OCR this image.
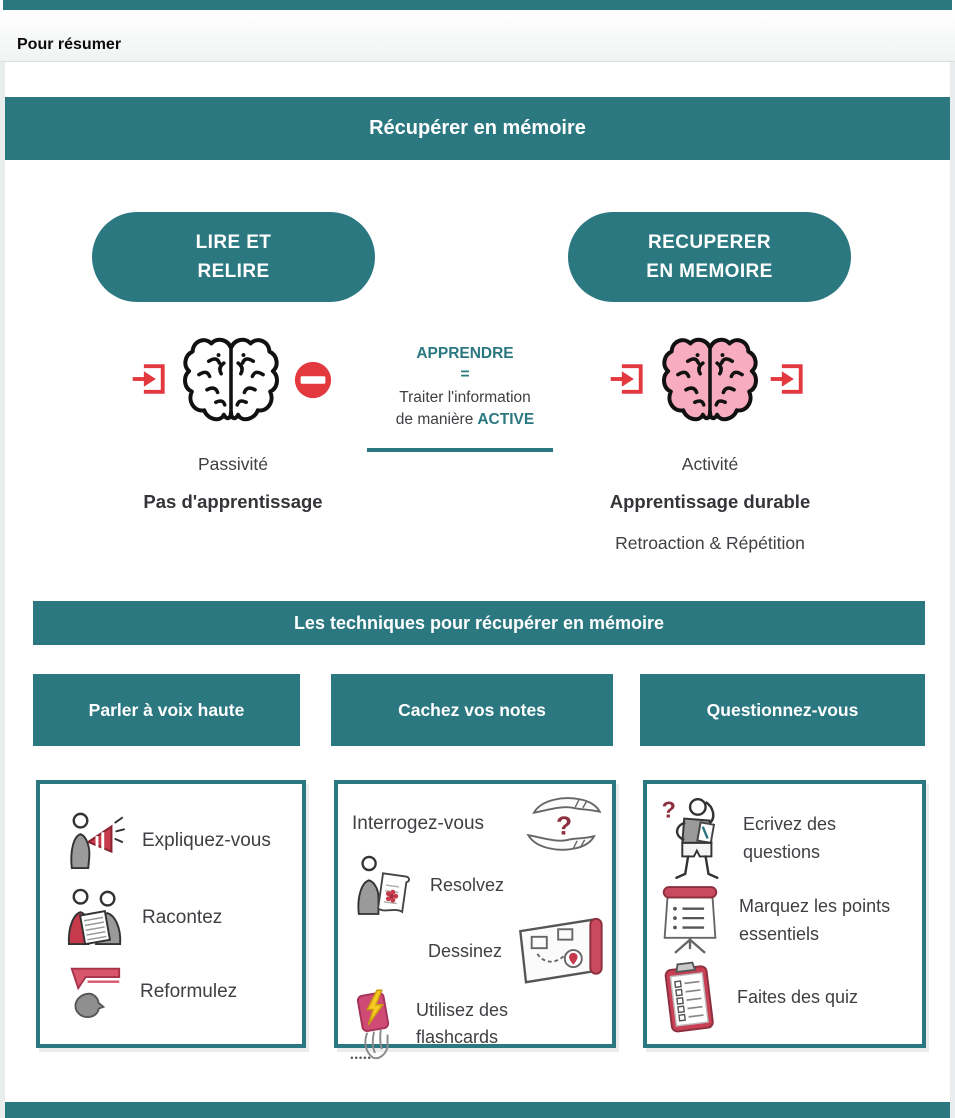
Pour résumer
Récupérer en mémoire
LIRE ET
RELIRE
RECUPERER
EN MEMOIRE
APPRENDRE
=
Traiter l'information
de manière ACTIVE
Passivité
Pas d'apprentissage
Activité
Apprentissage durable
Retroaction & Répétition
Les techniques pour récupérer en mémoire
Parler à voix haute	Cachez vos notes	Questionnez-vous
Expliquez-vous
Racontez
Reformulez
Interrogez-vous	?
Resolvez
Dessinez
Utilisez des flashcards
?
Ecrivez des questions
Marquez les points essentiels
Faites des quiz
